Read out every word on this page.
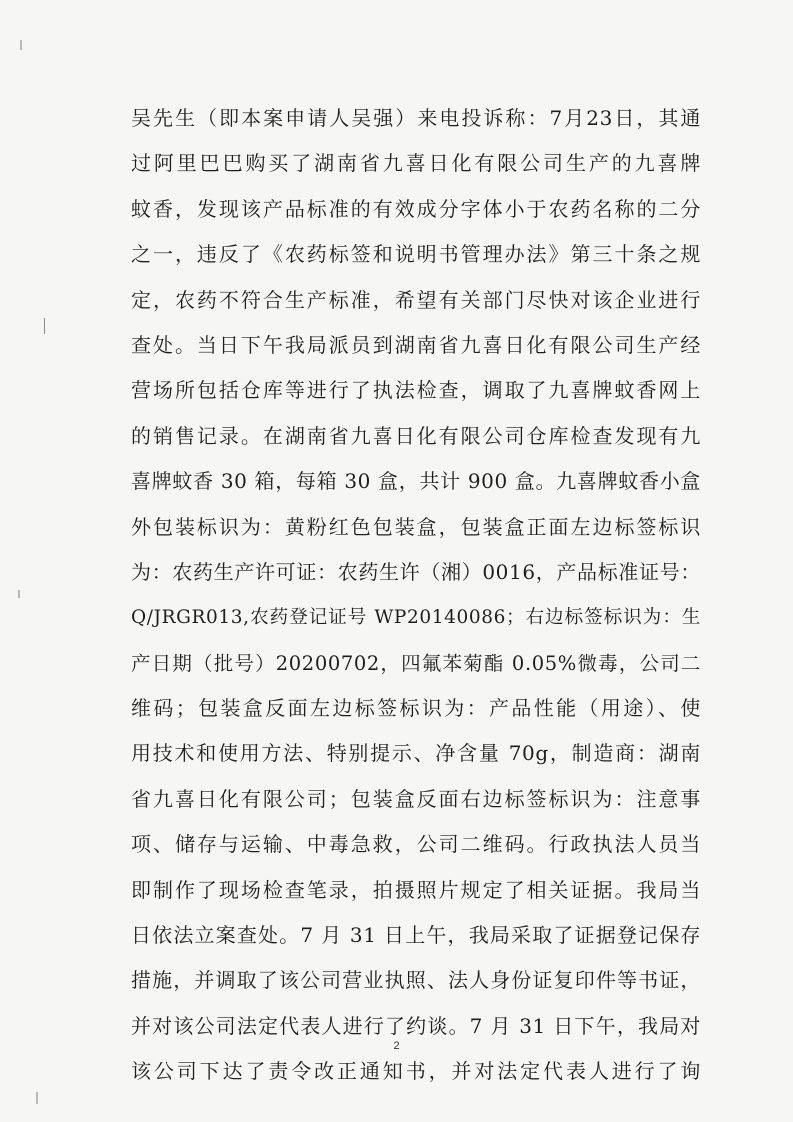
吴先生（即本案申请人吴强）来电投诉称：7月23日，其通
过阿里巴巴购买了湖南省九喜日化有限公司生产的九喜牌
蚊香，发现该产品标准的有效成分字体小于农药名称的二分
之一，违反了《农药标签和说明书管理办法》第三十条之规
定，农药不符合生产标准，希望有关部门尽快对该企业进行
查处。当日下午我局派员到湖南省九喜日化有限公司生产经
营场所包括仓库等进行了执法检查，调取了九喜牌蚊香网上
的销售记录。在湖南省九喜日化有限公司仓库检查发现有九
喜牌蚊香 30 箱，每箱 30 盒，共计 900 盒。九喜牌蚊香小盒
外包装标识为：黄粉红色包装盒，包装盒正面左边标签标识
为：农药生产许可证：农药生许（湘）0016，产品标准证号：
Q/JRGR013,农药登记证号 WP20140086；右边标签标识为：生
产日期（批号）20200702，四氟苯菊酯 0.05%微毒，公司二
维码；包装盒反面左边标签标识为：产品性能（用途）、使
用技术和使用方法、特别提示、净含量 70g，制造商：湖南
省九喜日化有限公司；包装盒反面右边标签标识为：注意事
项、储存与运输、中毒急救，公司二维码。行政执法人员当
即制作了现场检查笔录，拍摄照片规定了相关证据。我局当
日依法立案查处。7 月 31 日上午，我局采取了证据登记保存
措施，并调取了该公司营业执照、法人身份证复印件等书证，
并对该公司法定代表人进行了约谈。7 月 31 日下午，我局对
该公司下达了责令改正通知书，并对法定代表人进行了询
2
